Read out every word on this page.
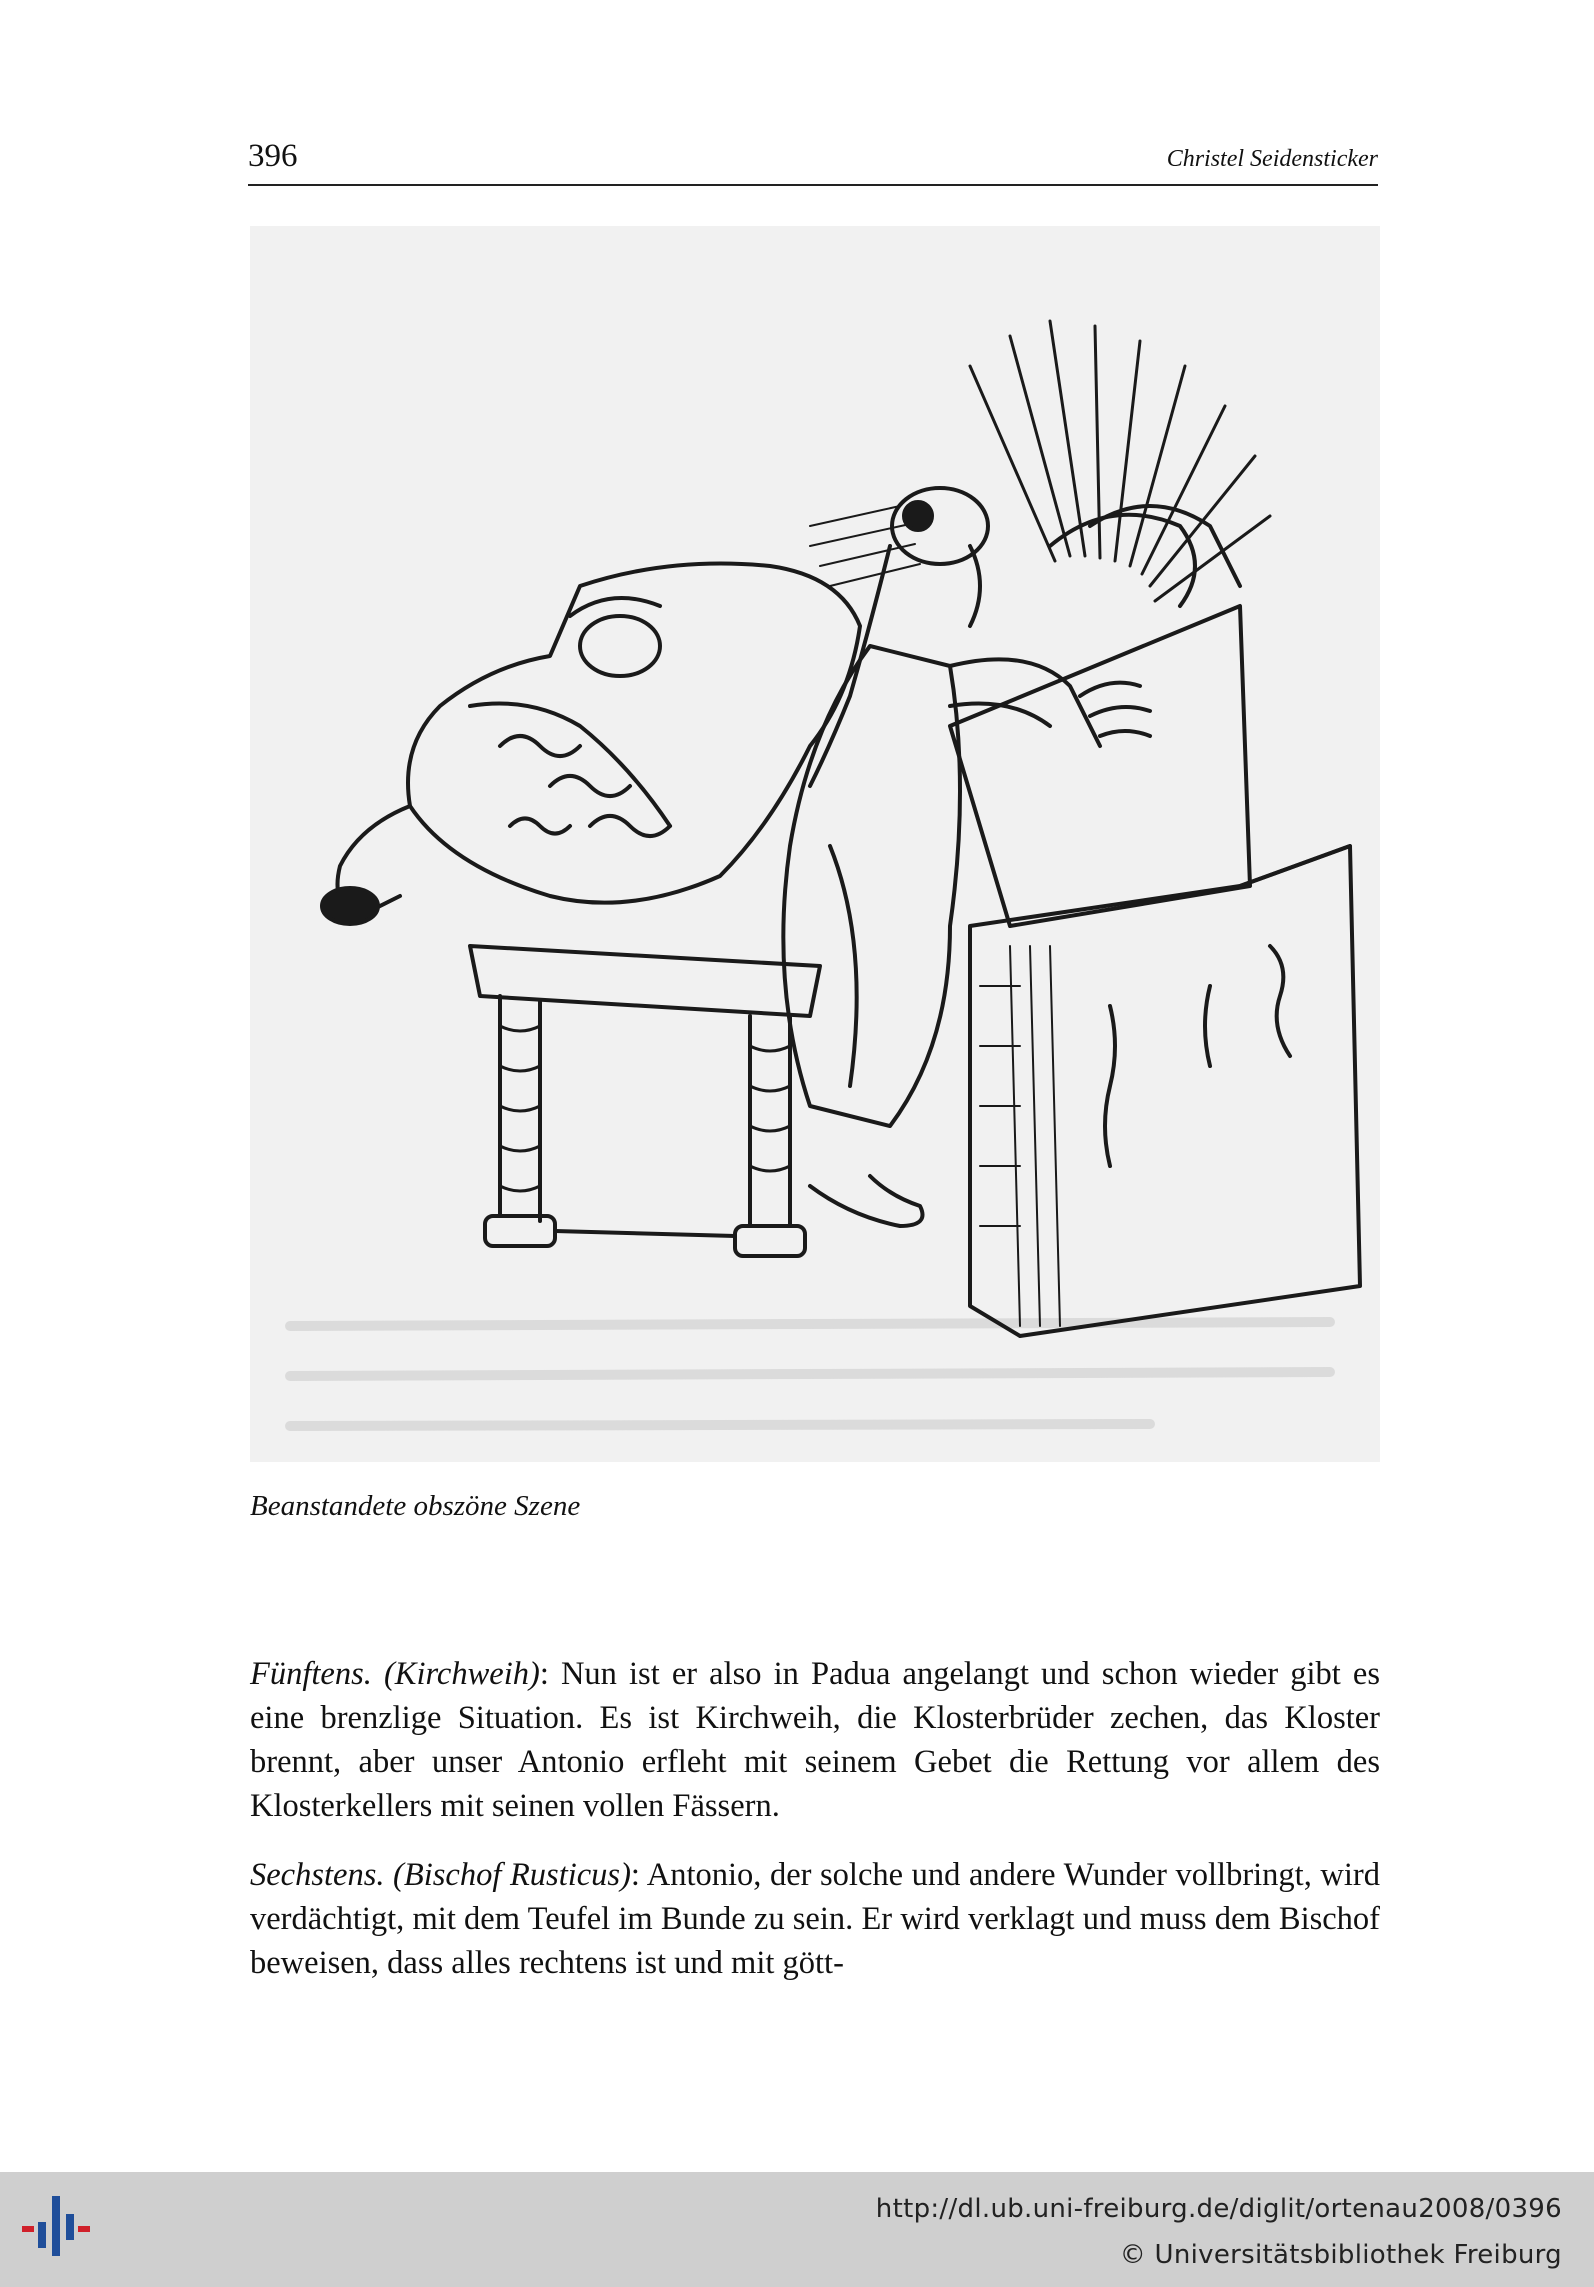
396	Christel Seidensticker
Beanstandete obszöne Szene

Fünftens. (Kirchweih): Nun ist er also in Padua angelangt und schon wieder gibt es eine brenzlige Situation. Es ist Kirchweih, die Klosterbrüder zechen, das Kloster brennt, aber unser Antonio erfleht mit seinem Gebet die Rettung vor allem des Klosterkellers mit seinen vollen Fässern.

Sechstens. (Bischof Rusticus): Antonio, der solche und andere Wunder vollbringt, wird verdächtigt, mit dem Teufel im Bunde zu sein. Er wird verklagt und muss dem Bischof beweisen, dass alles rechtens ist und mit gött-

http://dl.ub.uni-freiburg.de/diglit/ortenau2008/0396
© Universitätsbibliothek Freiburg
